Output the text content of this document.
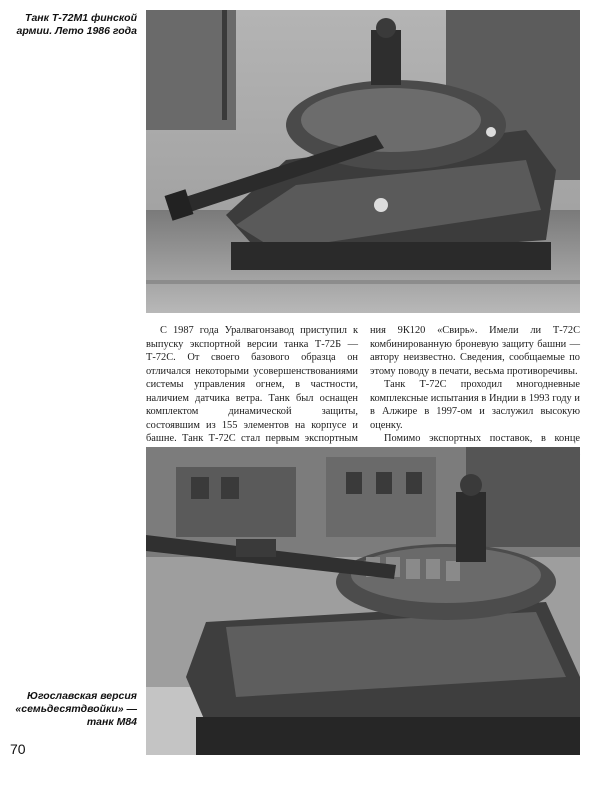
Танк Т-72М1 финской армии. Лето 1986 года

С 1987 года Уралвагонзавод приступил к выпуску экспортной версии танка Т-72Б — Т-72С. От своего базового образца он отличался некоторыми усовершенствованиями системы управления огнем, в частности, наличием датчика ветра. Танк был оснащен комплектом динамической защиты, состоявшим из 155 элементов на корпусе и башне. Танк Т-72С стал первым экспортным

ния 9К120 «Свирь». Имели ли Т-72С комбинированную броневую защиту башни — автору неизвестно. Сведения, сообщаемые по этому поводу в печати, весьма противоречивы.

Танк Т-72С проходил многодневные комплексные испытания в Индии в 1993 году и в Алжире в 1997-ом и заслужил высокую оценку.

Помимо экспортных поставок, в конце

Югославская версия «семьдесятдвойки» — танк М84
70
